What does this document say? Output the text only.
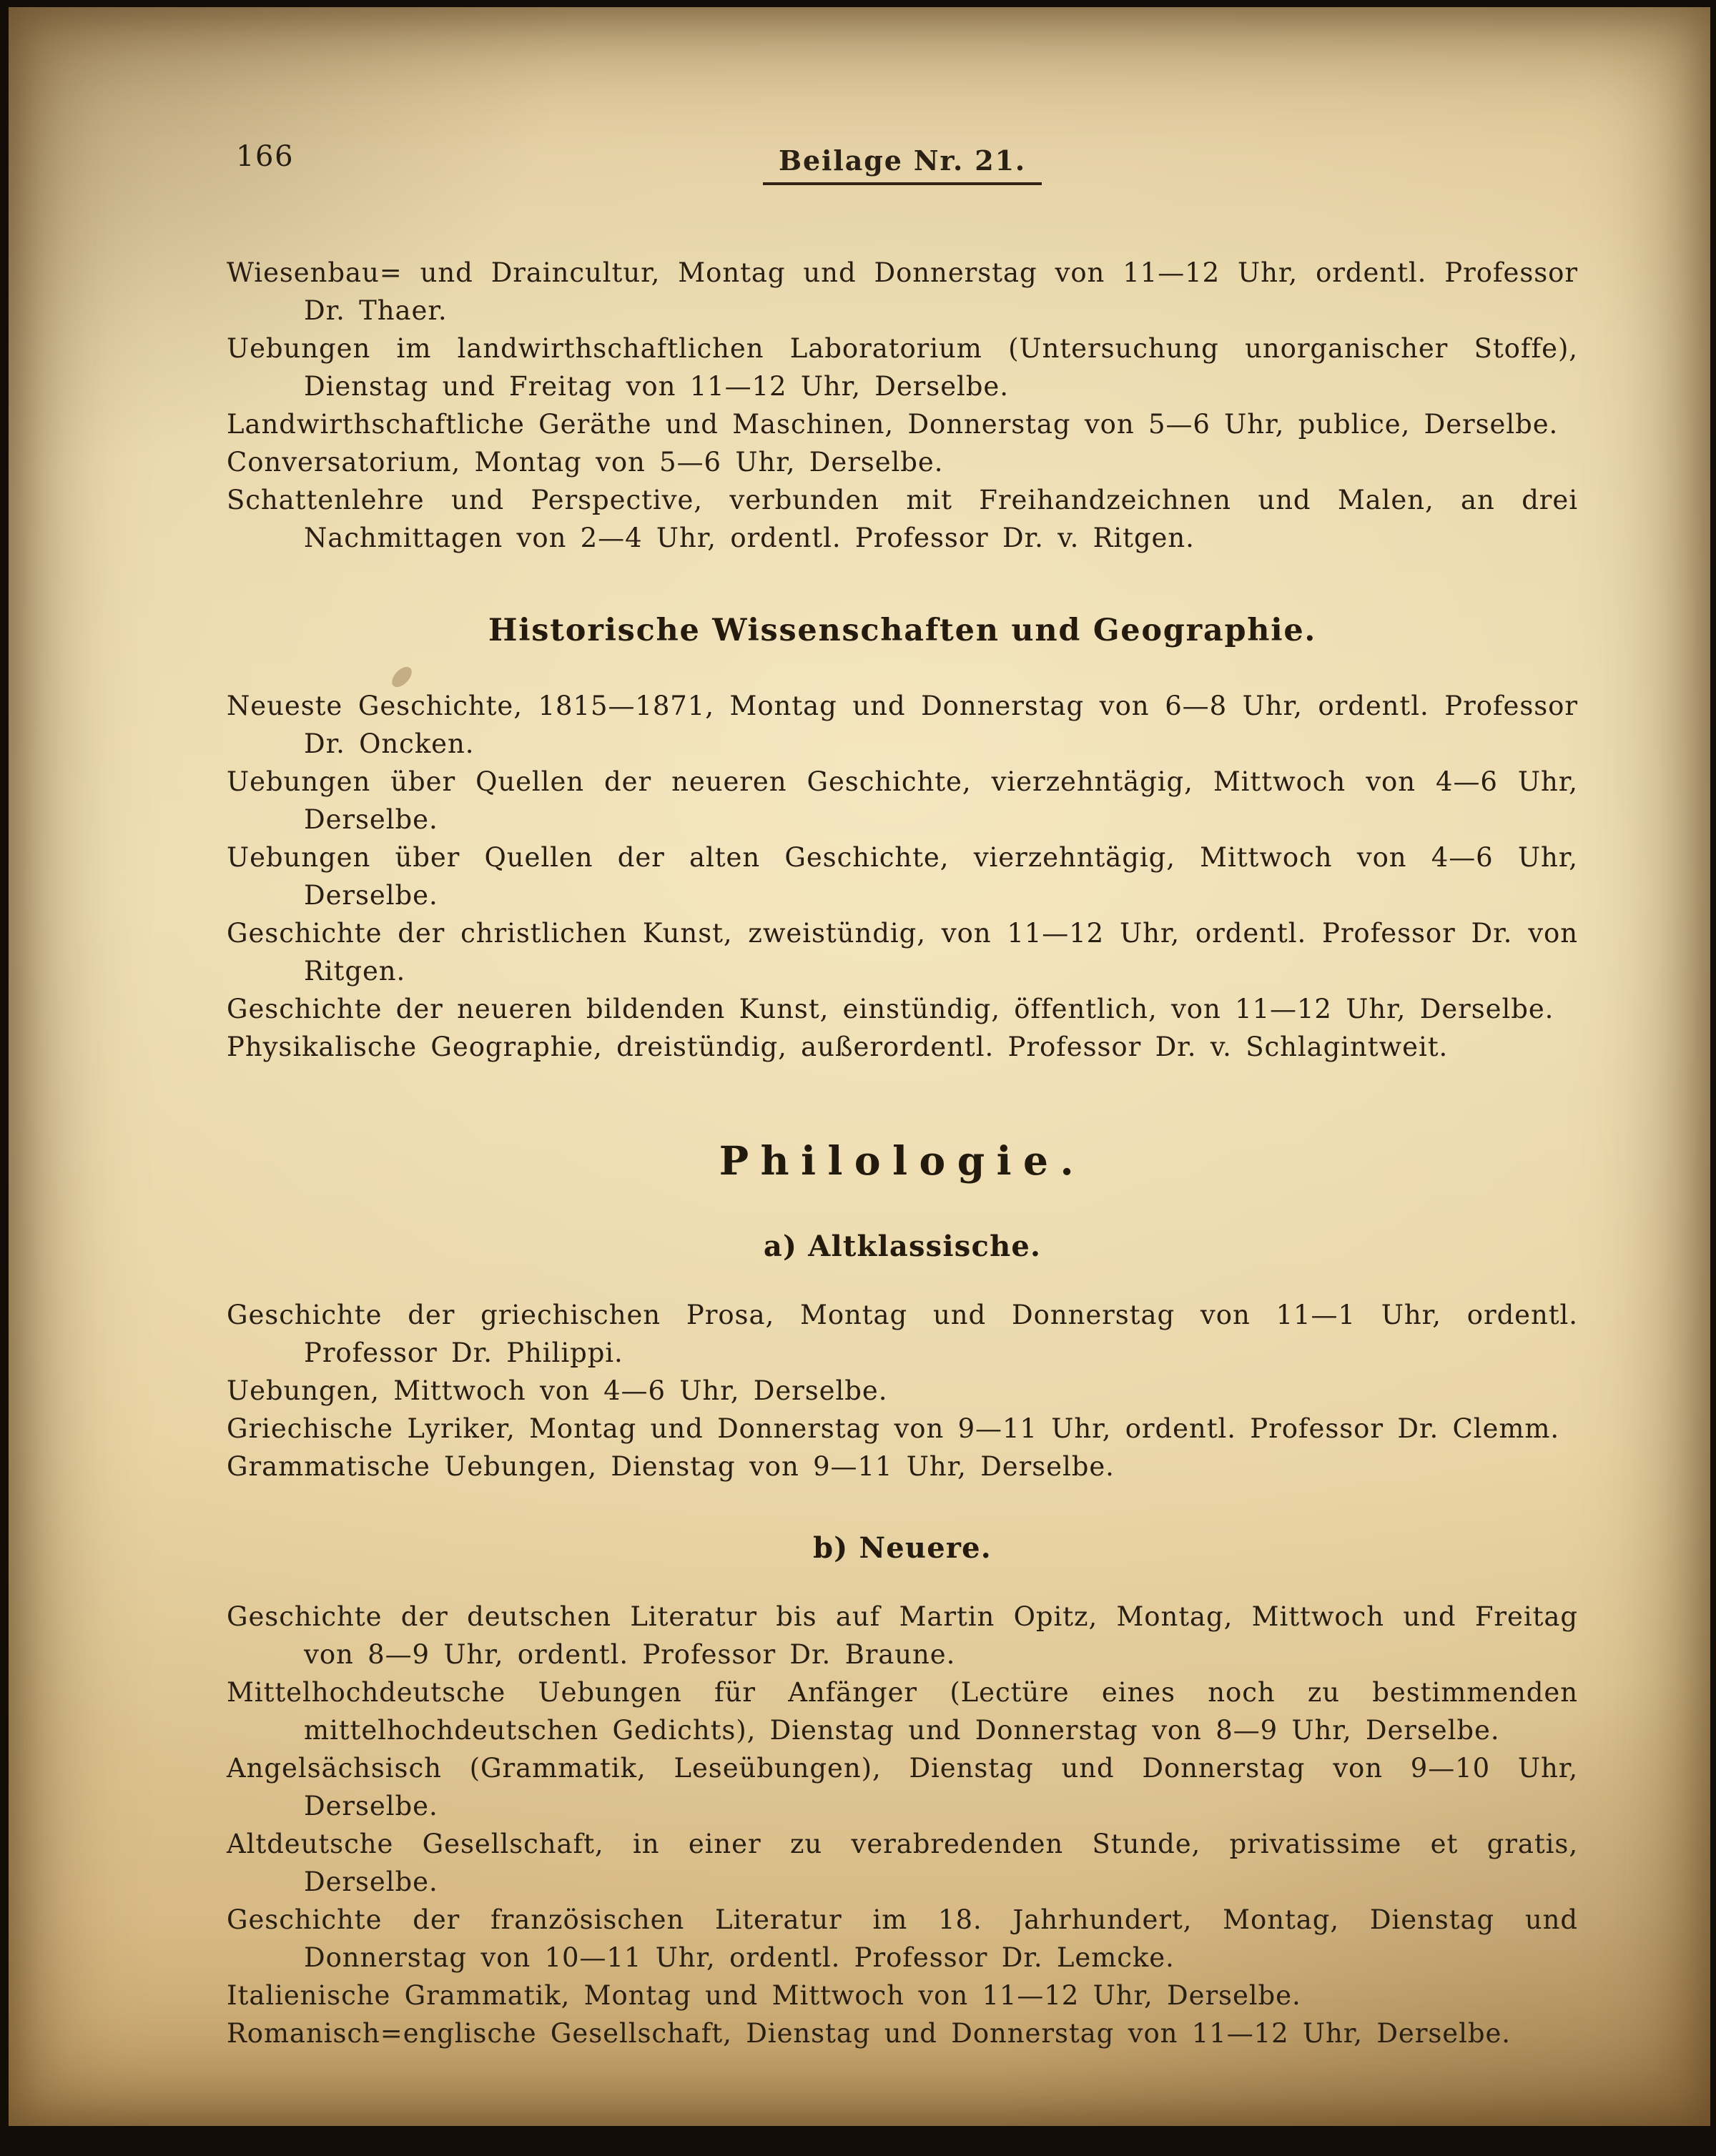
166	Beilage Nr. 21.

Wiesenbau= und Draincultur, Montag und Donnerstag von 11—12 Uhr, ordentl. Professor Dr. Thaer.

Uebungen im landwirthschaftlichen Laboratorium (Untersuchung unorganischer Stoffe), Dienstag und Freitag von 11—12 Uhr, Derselbe.

Landwirthschaftliche Geräthe und Maschinen, Donnerstag von 5—6 Uhr, publice, Derselbe.

Conversatorium, Montag von 5—6 Uhr, Derselbe.

Schattenlehre und Perspective, verbunden mit Freihandzeichnen und Malen, an drei Nachmittagen von 2—4 Uhr, ordentl. Professor Dr. v. Ritgen.

Historische Wissenschaften und Geographie.

Neueste Geschichte, 1815—1871, Montag und Donnerstag von 6—8 Uhr, ordentl. Professor Dr. Oncken.

Uebungen über Quellen der neueren Geschichte, vierzehntägig, Mittwoch von 4—6 Uhr, Derselbe.

Uebungen über Quellen der alten Geschichte, vierzehntägig, Mittwoch von 4—6 Uhr, Derselbe.

Geschichte der christlichen Kunst, zweistündig, von 11—12 Uhr, ordentl. Professor Dr. von Ritgen.

Geschichte der neueren bildenden Kunst, einstündig, öffentlich, von 11—12 Uhr, Derselbe.

Physikalische Geographie, dreistündig, außerordentl. Professor Dr. v. Schlagintweit.

Philologie.
a) Altklassische.

Geschichte der griechischen Prosa, Montag und Donnerstag von 11—1 Uhr, ordentl. Professor Dr. Philippi.

Uebungen, Mittwoch von 4—6 Uhr, Derselbe.

Griechische Lyriker, Montag und Donnerstag von 9—11 Uhr, ordentl. Professor Dr. Clemm.

Grammatische Uebungen, Dienstag von 9—11 Uhr, Derselbe.

b) Neuere.

Geschichte der deutschen Literatur bis auf Martin Opitz, Montag, Mittwoch und Freitag von 8—9 Uhr, ordentl. Professor Dr. Braune.

Mittelhochdeutsche Uebungen für Anfänger (Lectüre eines noch zu bestimmenden mittelhochdeutschen Gedichts), Dienstag und Donnerstag von 8—9 Uhr, Derselbe.

Angelsächsisch (Grammatik, Leseübungen), Dienstag und Donnerstag von 9—10 Uhr, Derselbe.

Altdeutsche Gesellschaft, in einer zu verabredenden Stunde, privatissime et gratis, Derselbe.

Geschichte der französischen Literatur im 18. Jahrhundert, Montag, Dienstag und Donnerstag von 10—11 Uhr, ordentl. Professor Dr. Lemcke.

Italienische Grammatik, Montag und Mittwoch von 11—12 Uhr, Derselbe.

Romanisch=englische Gesellschaft, Dienstag und Donnerstag von 11—12 Uhr, Derselbe.
